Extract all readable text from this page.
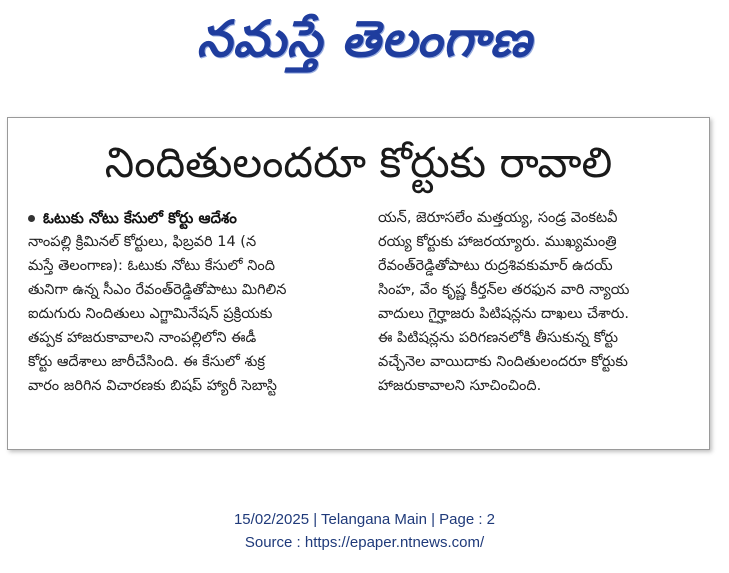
నమస్తే తెలంగాణ
నిందితులందరూ కోర్టుకు రావాలి
ఓటుకు నోటు కేసులో కోర్టు ఆదేశం
నాంపల్లి క్రిమినల్ కోర్టులు, ఫిబ్రవరి 14 (న
మస్తే తెలంగాణ): ఓటుకు నోటు కేసులో నింది
తునిగా ఉన్న సీఎం రేవంత్‌రెడ్డితోపాటు మిగిలిన
ఐదుగురు నిందితులు ఎగ్జామినేషన్ ప్రక్రియకు
తప్పక హాజరుకావాలని నాంపల్లిలోని ఈడీ
కోర్టు ఆదేశాలు జారీచేసింది. ఈ కేసులో శుక్ర
వారం జరిగిన విచారణకు బిషప్ హ్యారీ సెబాస్టి
యన్, జెరూసలేం మత్తయ్య, సండ్ర వెంకటవీ
రయ్య కోర్టుకు హాజరయ్యారు. ముఖ్యమంత్రి
రేవంత్‌రెడ్డితోపాటు రుద్రశివకుమార్ ఉదయ్
సింహ, వేం కృష్ణ కీర్తన్‌ల తరఫున వారి న్యాయ
వాదులు గైర్హాజరు పిటిషన్లను దాఖలు చేశారు.
ఈ పిటిషన్లను పరిగణనలోకి తీసుకున్న కోర్టు
వచ్చేనెల వాయిదాకు నిందితులందరూ కోర్టుకు
హాజరుకావాలని సూచించింది.
15/02/2025 | Telangana Main | Page : 2
Source : https://epaper.ntnews.com/
